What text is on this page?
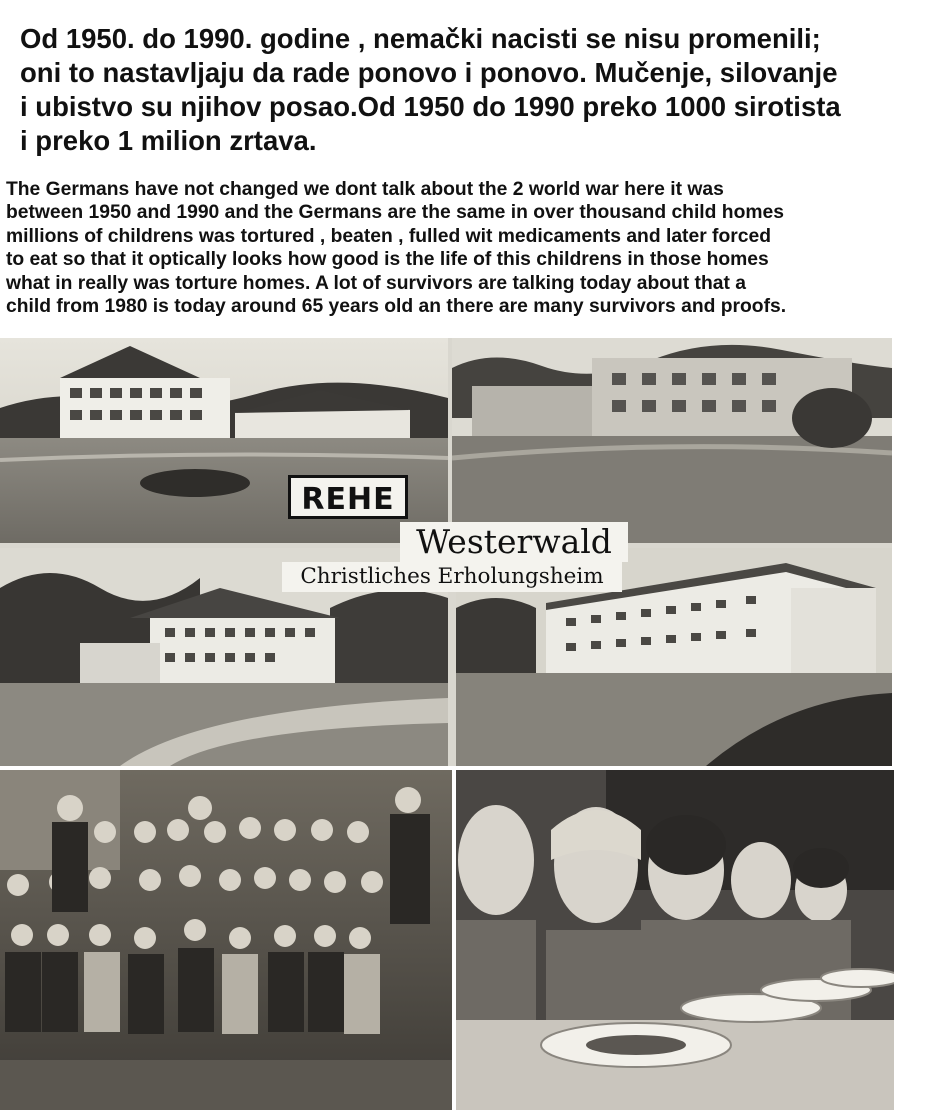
Od 1950. do 1990. godine , nemački nacisti se nisu promenili;
oni to nastavljaju da rade ponovo i ponovo. Mučenje, silovanje
i ubistvo su njihov posao.Od 1950 do 1990 preko 1000 sirotista
i preko 1 milion zrtava.
The Germans have not changed we dont talk about the 2 world war here it was
between 1950 and 1990 and the Germans are the same in over thousand child homes
millions of childrens was tortured , beaten , fulled wit medicaments and later forced
to eat so that it optically looks how good is the life of this childrens in those homes
what in really was torture homes. A lot of survivors are talking today about that a
child from 1980 is today around 65 years old an there are many survivors and proofs.
REHE
Westerwald
Christliches Erholungsheim
